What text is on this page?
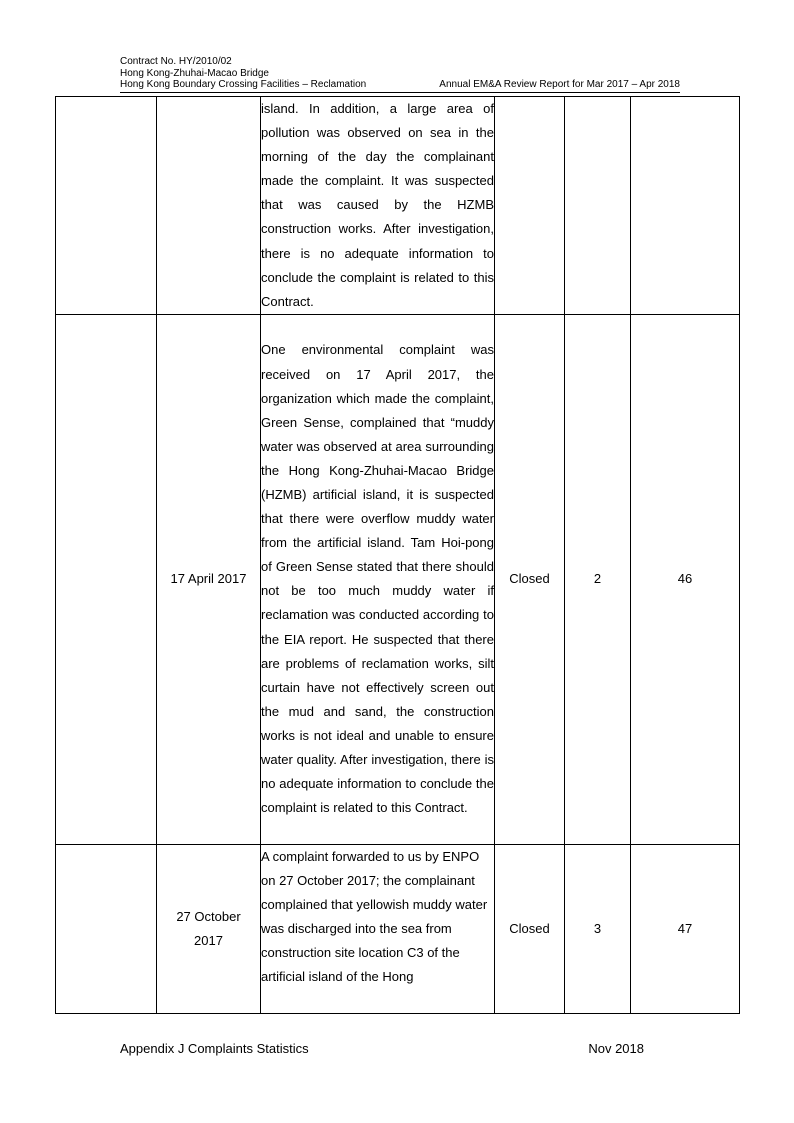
Contract No. HY/2010/02
Hong Kong-Zhuhai-Macao Bridge
Hong Kong Boundary Crossing Facilities – Reclamation	Annual EM&A Review Report for Mar 2017 – Apr 2018
		island. In addition, a large area of pollution was observed on sea in the morning of the day the complainant made the complaint. It was suspected that was caused by the HZMB construction works. After investigation, there is no adequate information to conclude the complaint is related to this Contract.			
	17 April 2017	One environmental complaint was received on 17 April 2017, the organization which made the complaint, Green Sense, complained that “muddy water was observed at area surrounding the Hong Kong-Zhuhai-Macao Bridge (HZMB) artificial island, it is suspected that there were overflow muddy water from the artificial island. Tam Hoi-pong of Green Sense stated that there should not be too much muddy water if reclamation was conducted according to the EIA report. He suspected that there are problems of reclamation works, silt curtain have not effectively screen out the mud and sand, the construction works is not ideal and unable to ensure water quality. After investigation, there is no adequate information to conclude the complaint is related to this Contract.	Closed	2	46
	27 October 2017	A complaint forwarded to us by ENPO on 27 October 2017; the complainant complained that yellowish muddy water was discharged into the sea from construction site location C3 of the artificial island of the Hong	Closed	3	47
Appendix J Complaints Statistics	Nov 2018
